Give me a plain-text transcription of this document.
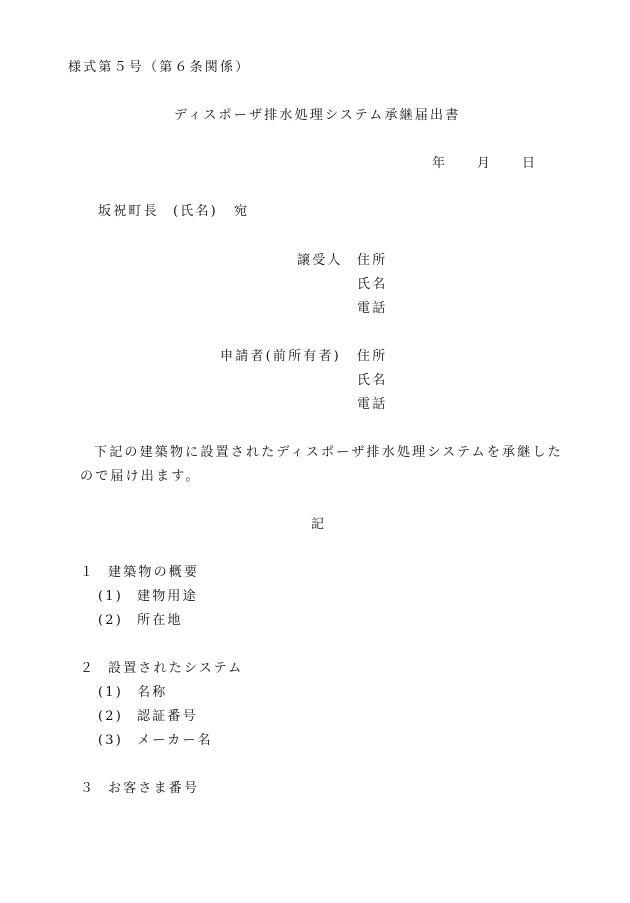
様式第５号（第６条関係）
ディスポーザ排水処理システム承継届出書
年 月 日
坂祝町長 (氏名) 宛
譲受人 住所
氏名
電話
申請者(前所有者) 住所
氏名
電話

下記の建築物に設置されたディスポーザ排水処理システムを承継したので届け出ます。

記
１ 建築物の概要
(1) 建物用途
(2) 所在地
２ 設置されたシステム
(1) 名称
(2) 認証番号
(3) メーカー名
３ お客さま番号
